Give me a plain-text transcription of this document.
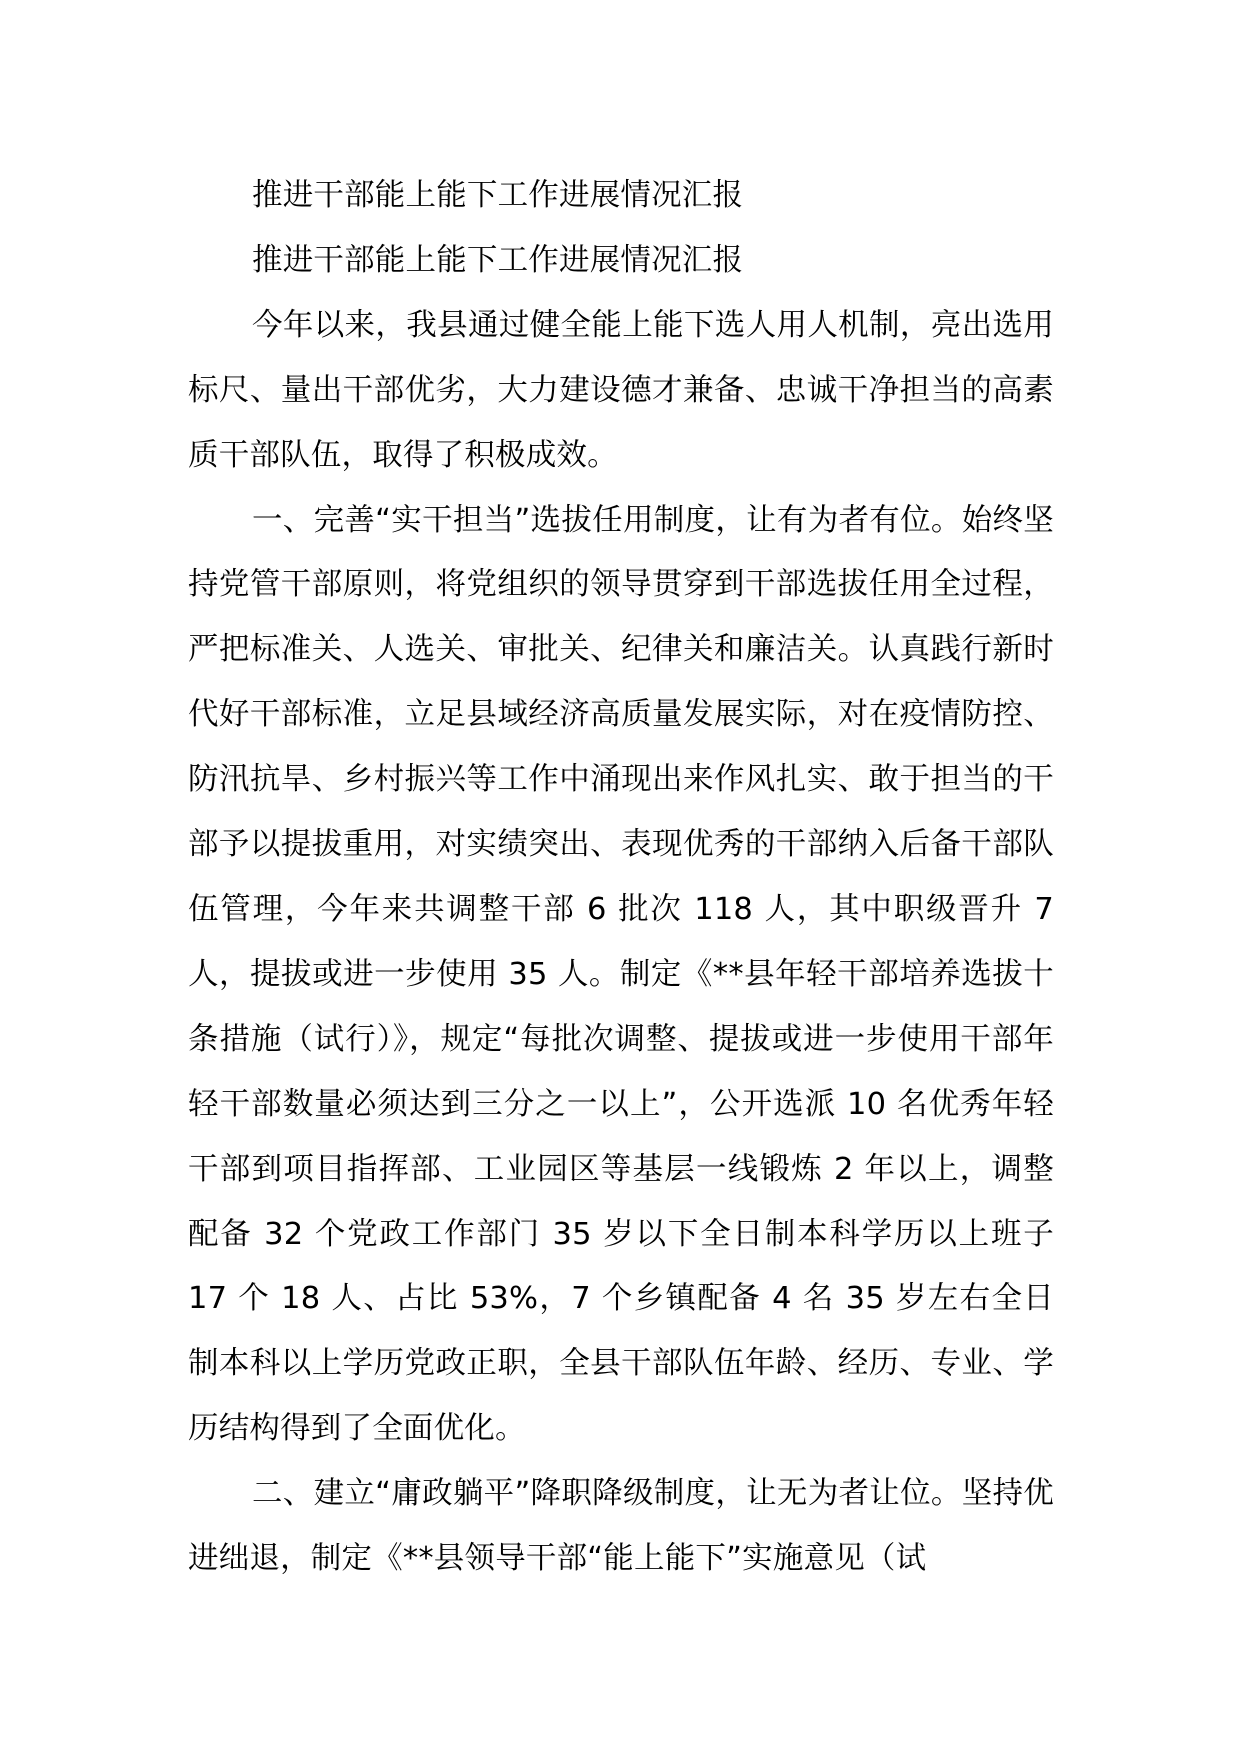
推进干部能上能下工作进展情况汇报

推进干部能上能下工作进展情况汇报

今年以来，我县通过健全能上能下选人用人机制，亮出选用标尺、量出干部优劣，大力建设德才兼备、忠诚干净担当的高素质干部队伍，取得了积极成效。

一、完善“实干担当”选拔任用制度，让有为者有位。始终坚持党管干部原则，将党组织的领导贯穿到干部选拔任用全过程，严把标准关、人选关、审批关、纪律关和廉洁关。认真践行新时代好干部标准，立足县域经济高质量发展实际，对在疫情防控、防汛抗旱、乡村振兴等工作中涌现出来作风扎实、敢于担当的干部予以提拔重用，对实绩突出、表现优秀的干部纳入后备干部队伍管理，今年来共调整干部 6 批次 118 人，其中职级晋升 7 人，提拔或进一步使用 35 人。制定《**县年轻干部培养选拔十条措施（试行）》，规定“每批次调整、提拔或进一步使用干部年轻干部数量必须达到三分之一以上”，公开选派 10 名优秀年轻干部到项目指挥部、工业园区等基层一线锻炼 2 年以上，调整配备 32 个党政工作部门 35 岁以下全日制本科学历以上班子 17 个 18 人、占比 53%，7 个乡镇配备 4 名 35 岁左右全日制本科以上学历党政正职，全县干部队伍年龄、经历、专业、学历结构得到了全面优化。

二、建立“庸政躺平”降职降级制度，让无为者让位。坚持优进绌退，制定《**县领导干部“能上能下”实施意见（试
